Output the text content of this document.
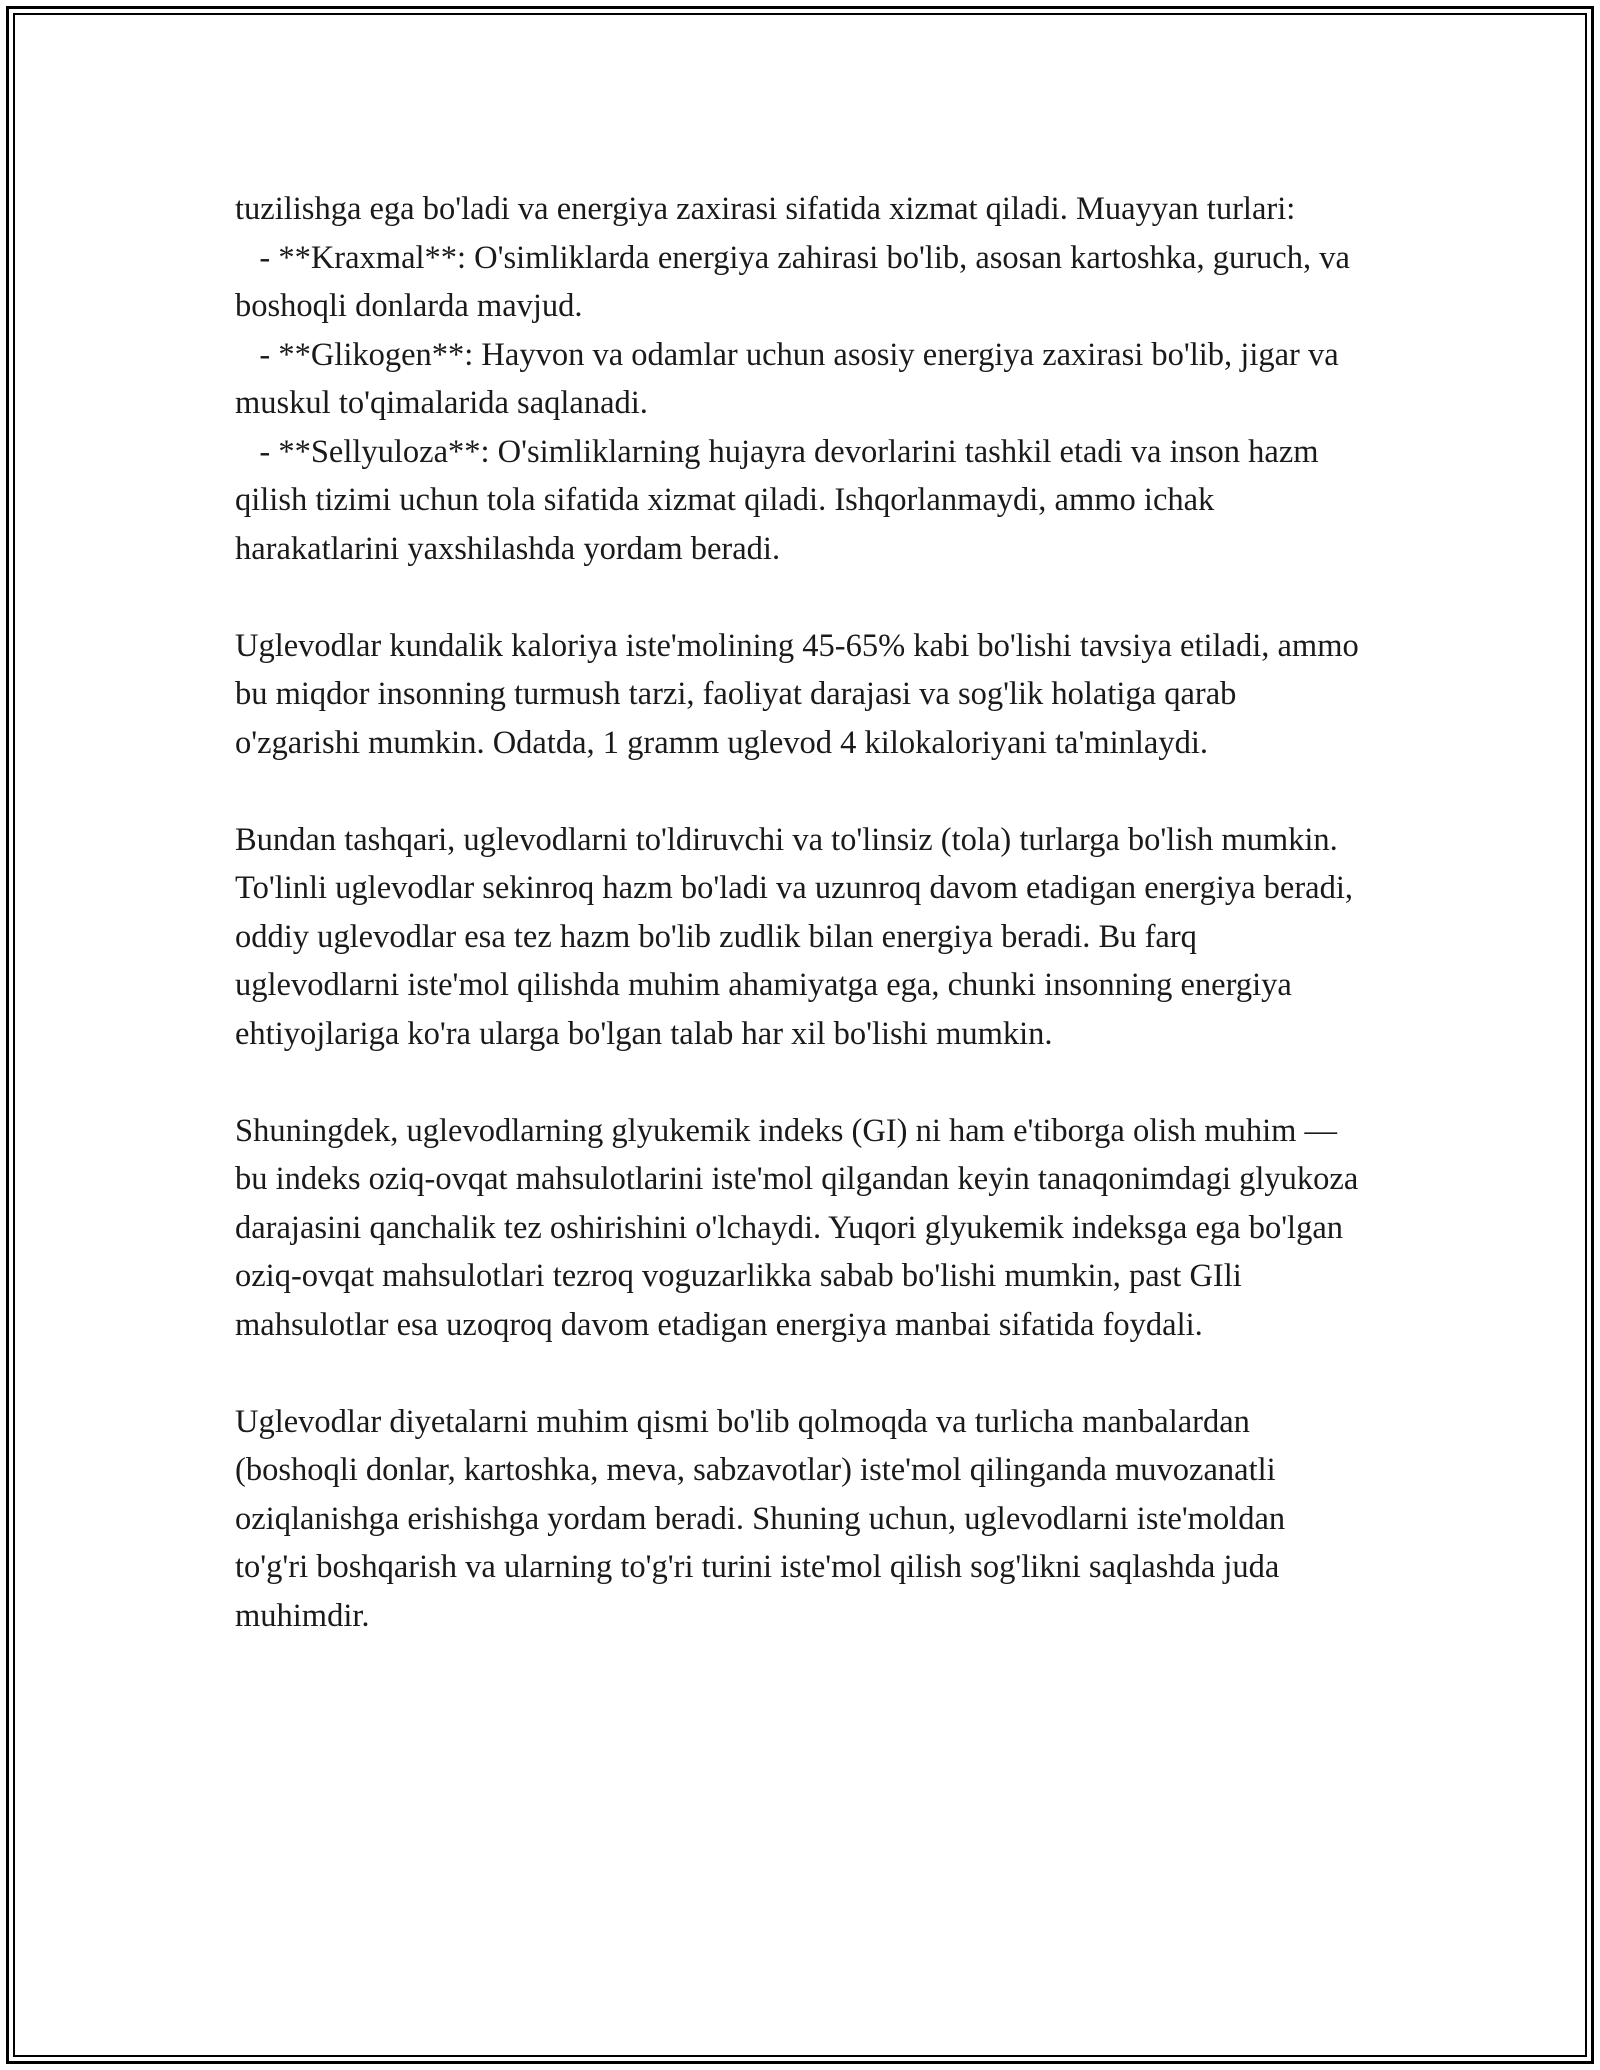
tuzilishga ega bo'ladi va energiya zaxirasi sifatida xizmat qiladi. Muayyan turlari:

- **Kraxmal**: O'simliklarda energiya zahirasi bo'lib, asosan kartoshka, guruch, va boshoqli donlarda mavjud.

- **Glikogen**: Hayvon va odamlar uchun asosiy energiya zaxirasi bo'lib, jigar va muskul to'qimalarida saqlanadi.

- **Sellyuloza**: O'simliklarning hujayra devorlarini tashkil etadi va inson hazm qilish tizimi uchun tola sifatida xizmat qiladi. Ishqorlanmaydi, ammo ichak harakatlarini yaxshilashda yordam beradi.

Uglevodlar kundalik kaloriya iste'molining 45-65% kabi bo'lishi tavsiya etiladi, ammo bu miqdor insonning turmush tarzi, faoliyat darajasi va sog'lik holatiga qarab o'zgarishi mumkin. Odatda, 1 gramm uglevod 4 kilokaloriyani ta'minlaydi.

Bundan tashqari, uglevodlarni to'ldiruvchi va to'linsiz (tola) turlarga bo'lish mumkin. To'linli uglevodlar sekinroq hazm bo'ladi va uzunroq davom etadigan energiya beradi, oddiy uglevodlar esa tez hazm bo'lib zudlik bilan energiya beradi. Bu farq uglevodlarni iste'mol qilishda muhim ahamiyatga ega, chunki insonning energiya ehtiyojlariga ko'ra ularga bo'lgan talab har xil bo'lishi mumkin.

Shuningdek, uglevodlarning glyukemik indeks (GI) ni ham e'tiborga olish muhim — bu indeks oziq-ovqat mahsulotlarini iste'mol qilgandan keyin tanaqonimdagi glyukoza darajasini qanchalik tez oshirishini o'lchaydi. Yuqori glyukemik indeksga ega bo'lgan oziq-ovqat mahsulotlari tezroq voguzarlikka sabab bo'lishi mumkin, past GIli mahsulotlar esa uzoqroq davom etadigan energiya manbai sifatida foydali.

Uglevodlar diyetalarni muhim qismi bo'lib qolmoqda va turlicha manbalardan (boshoqli donlar, kartoshka, meva, sabzavotlar) iste'mol qilinganda muvozanatli oziqlanishga erishishga yordam beradi. Shuning uchun, uglevodlarni iste'moldan to'g'ri boshqarish va ularning to'g'ri turini iste'mol qilish sog'likni saqlashda juda muhimdir.
